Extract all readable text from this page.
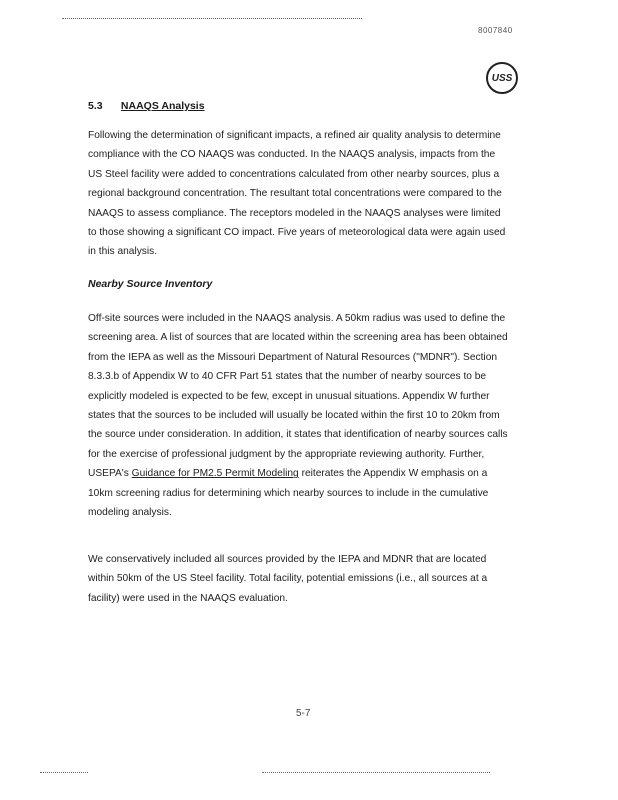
8007840
USS
5.3 NAAQS Analysis

Following the determination of significant impacts, a refined air quality analysis to determine compliance with the CO NAAQS was conducted. In the NAAQS analysis, impacts from the US Steel facility were added to concentrations calculated from other nearby sources, plus a regional background concentration. The resultant total concentrations were compared to the NAAQS to assess compliance. The receptors modeled in the NAAQS analyses were limited to those showing a significant CO impact. Five years of meteorological data were again used in this analysis.

Nearby Source Inventory

Off-site sources were included in the NAAQS analysis. A 50km radius was used to define the screening area. A list of sources that are located within the screening area has been obtained from the IEPA as well as the Missouri Department of Natural Resources ("MDNR"). Section 8.3.3.b of Appendix W to 40 CFR Part 51 states that the number of nearby sources to be explicitly modeled is expected to be few, except in unusual situations. Appendix W further states that the sources to be included will usually be located within the first 10 to 20km from the source under consideration. In addition, it states that identification of nearby sources calls for the exercise of professional judgment by the appropriate reviewing authority. Further, USEPA's Guidance for PM2.5 Permit Modeling reiterates the Appendix W emphasis on a 10km screening radius for determining which nearby sources to include in the cumulative modeling analysis.

We conservatively included all sources provided by the IEPA and MDNR that are located within 50km of the US Steel facility. Total facility, potential emissions (i.e., all sources at a facility) were used in the NAAQS evaluation.

5-7
